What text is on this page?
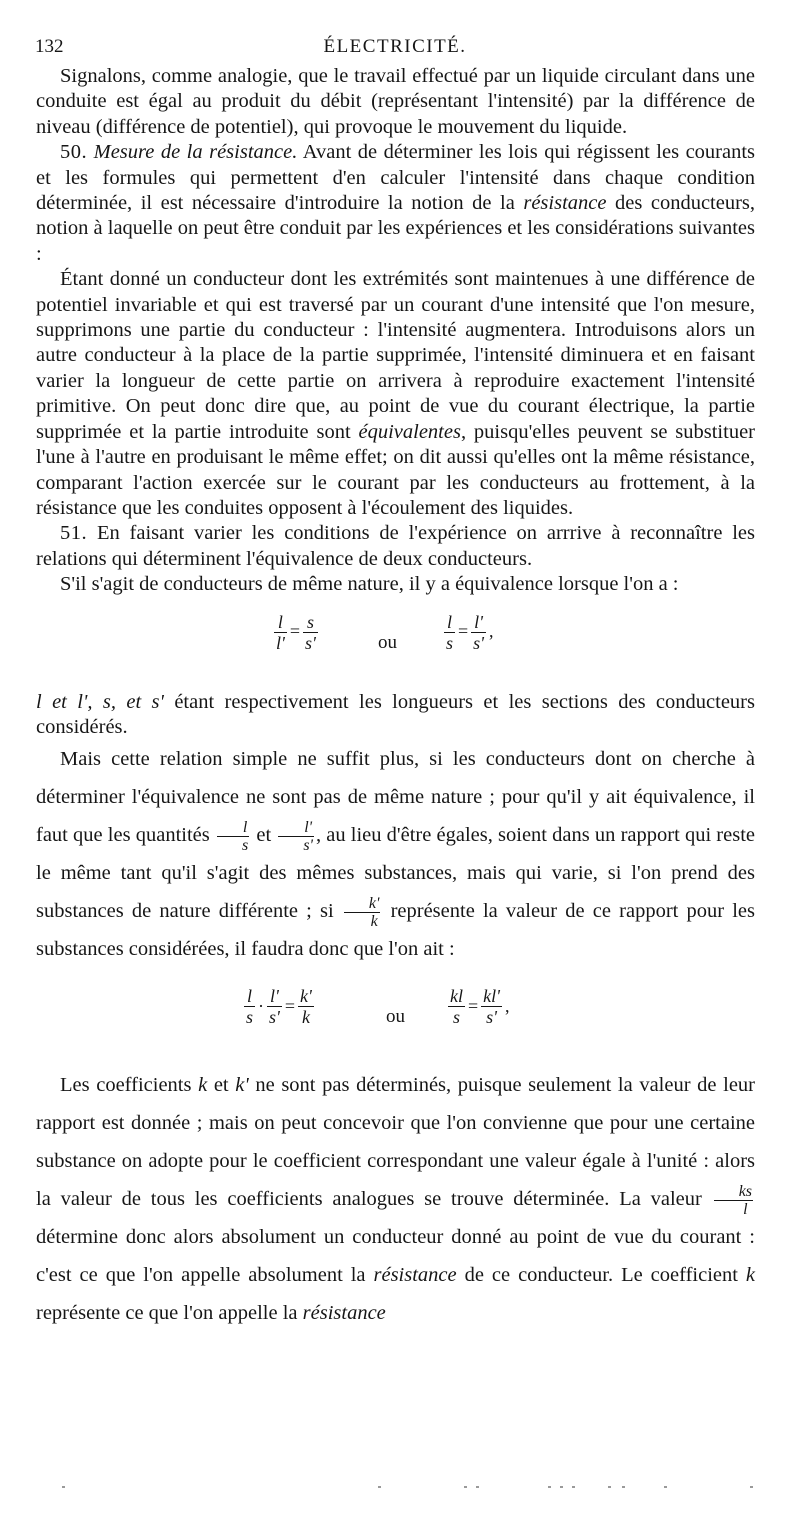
132	ÉLECTRICITÉ.

Signalons, comme analogie, que le travail effectué par un liquide circulant dans une conduite est égal au produit du débit (représentant l'intensité) par la différence de niveau (différence de potentiel), qui provoque le mouvement du liquide.

50. Mesure de la résistance. Avant de déterminer les lois qui régissent les courants et les formules qui permettent d'en calculer l'intensité dans chaque condition déterminée, il est nécessaire d'introduire la notion de la résistance des conducteurs, notion à laquelle on peut être conduit par les expériences et les considérations suivantes :

Étant donné un conducteur dont les extrémités sont maintenues à une différence de potentiel invariable et qui est traversé par un courant d'une intensité que l'on mesure, supprimons une partie du conducteur : l'intensité augmentera. Introduisons alors un autre conducteur à la place de la partie supprimée, l'intensité diminuera et en faisant varier la longueur de cette partie on arrivera à reproduire exactement l'intensité primitive. On peut donc dire que, au point de vue du courant électrique, la partie supprimée et la partie introduite sont équivalentes, puisqu'elles peuvent se substituer l'une à l'autre en produisant le même effet; on dit aussi qu'elles ont la même résistance, comparant l'action exercée sur le courant par les conducteurs au frottement, à la résistance que les conduites opposent à l'écoulement des liquides.

51. En faisant varier les conditions de l'expérience on arrrive à reconnaître les relations qui déterminent l'équivalence de deux conducteurs.

S'il s'agit de conducteurs de même nature, il y a équivalence lorsque l'on a :

$\frac{l}{l'} = \frac{s}{s'}$	ou	$\frac{l}{s} = \frac{l'}{s'}$ ,

l et l', s, et s' étant respectivement les longueurs et les sections des conducteurs considérés.

Mais cette relation simple ne suffit plus, si les conducteurs dont on cherche à déterminer l'équivalence ne sont pas de même nature ; pour qu'il y ait équivalence, il faut que les quantités $\frac{l}{s}$ et $\frac{l'}{s'}$ , au lieu d'être égales, soient dans un rapport qui reste le même tant qu'il s'agit des mêmes substances, mais qui varie, si l'on prend des substances de nature différente ; si $\frac{k'}{k}$ représente la valeur de ce rapport pour les substances considérées, il faudra donc que l'on ait :

$\frac{l}{s} \cdot \frac{l'}{s'} = \frac{k'}{k}$	ou $\frac{kl}{s} = \frac{kl'}{s'}$ ,

Les coefficients k et k' ne sont pas déterminés, puisque seulement la valeur de leur rapport est donnée ; mais on peut concevoir que l'on convienne que pour une certaine substance on adopte pour le coefficient correspondant une valeur égale à l'unité : alors la valeur de tous les coefficients analogues se trouve déterminée. La valeur $\frac{ks}{l}$
détermine donc alors absolument un conducteur donné au point de vue du courant : c'est ce que l'on appelle absolument la résistance de ce conducteur. Le coefficient k représente ce que l'on appelle la résistance
